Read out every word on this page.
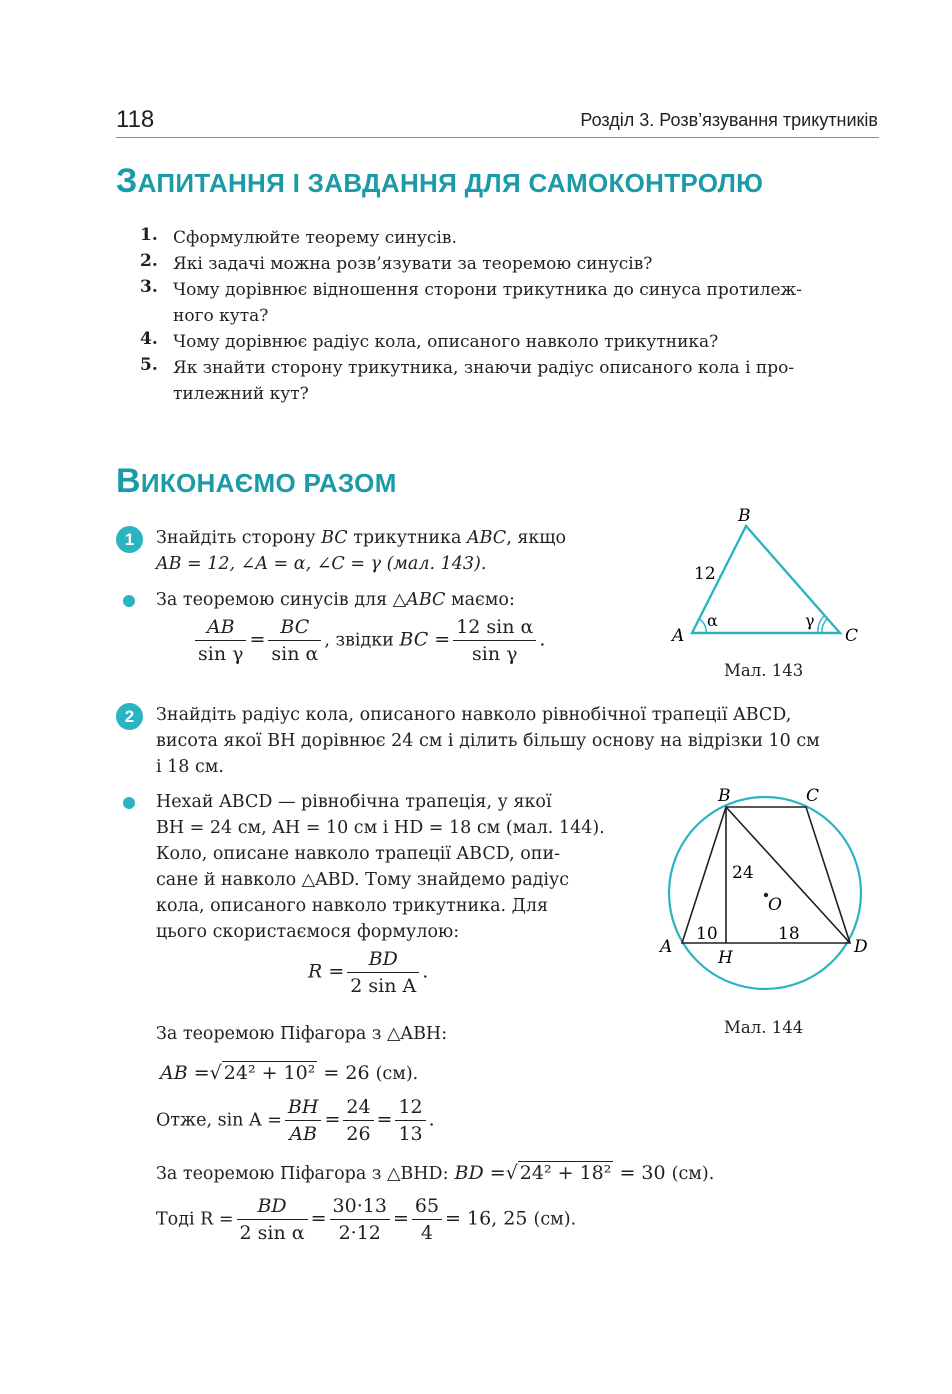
118	Розділ 3. Розв’язування трикутників
ЗАПИТАННЯ І ЗАВДАННЯ ДЛЯ САМОКОНТРОЛЮ
1. Сформулюйте теорему синусів.
2. Які задачі можна розв’язувати за теоремою синусів?
3. Чому дорівнює відношення сторони трикутника до синуса протилеж-
ного кута?
4. Чому дорівнює радіус кола, описаного навколо трикутника?
5. Як знайти сторону трикутника, знаючи радіус описаного кола і про-
тилежний кут?
ВИКОНАЄМО РАЗОМ
1	Знайдіть сторону BC трикутника ABC, якщо
AB = 12, ∠A = α, ∠C = γ (мал. 143).
За теоремою синусів для △ABC маємо:
$\frac{AB}{\text{sin γ}} = \frac{BC}{\text{sin α}}$ , звідки BC = $\frac{\text{12 sin α}}{\text{sin γ}}$ .
B
A	C
12
α	γ
Мал. 143
2	Знайдіть радіус кола, описаного навколо рівнобічної трапеції ABCD,
висота якої BH дорівнює 24 см і ділить більшу основу на відрізки 10 см
і 18 см.
Нехай ABCD — рівнобічна трапеція, у якої
BH = 24 см, AH = 10 см і HD = 18 см (мал. 144).
Коло, описане навколо трапеції ABCD, опи-
сане й навколо △ABD. Тому знайдемо радіус
кола, описаного навколо трикутника. Для
цього скористаємося формулою:
$R = \frac{BD}{\text{2 sin A}}$ .
За теоремою Піфагора з △ABH:
AB =√ 24² + 10² = 26 (см).
Отже, $\sin A = \frac{BH}{AB} = \frac{24}{26} = \frac{12}{13}$ .
За теоремою Піфагора з △BHD: BD =√ 24² + 18² = 30 (см).
Тоді $R = \frac{BD}{\text{2 sin α}} = \frac{30\cdot 13}{2\cdot 12} = \frac{65}{4} = 16$, 25 (см).
B	C
A	D
H
O
24
10	18
Мал. 144
